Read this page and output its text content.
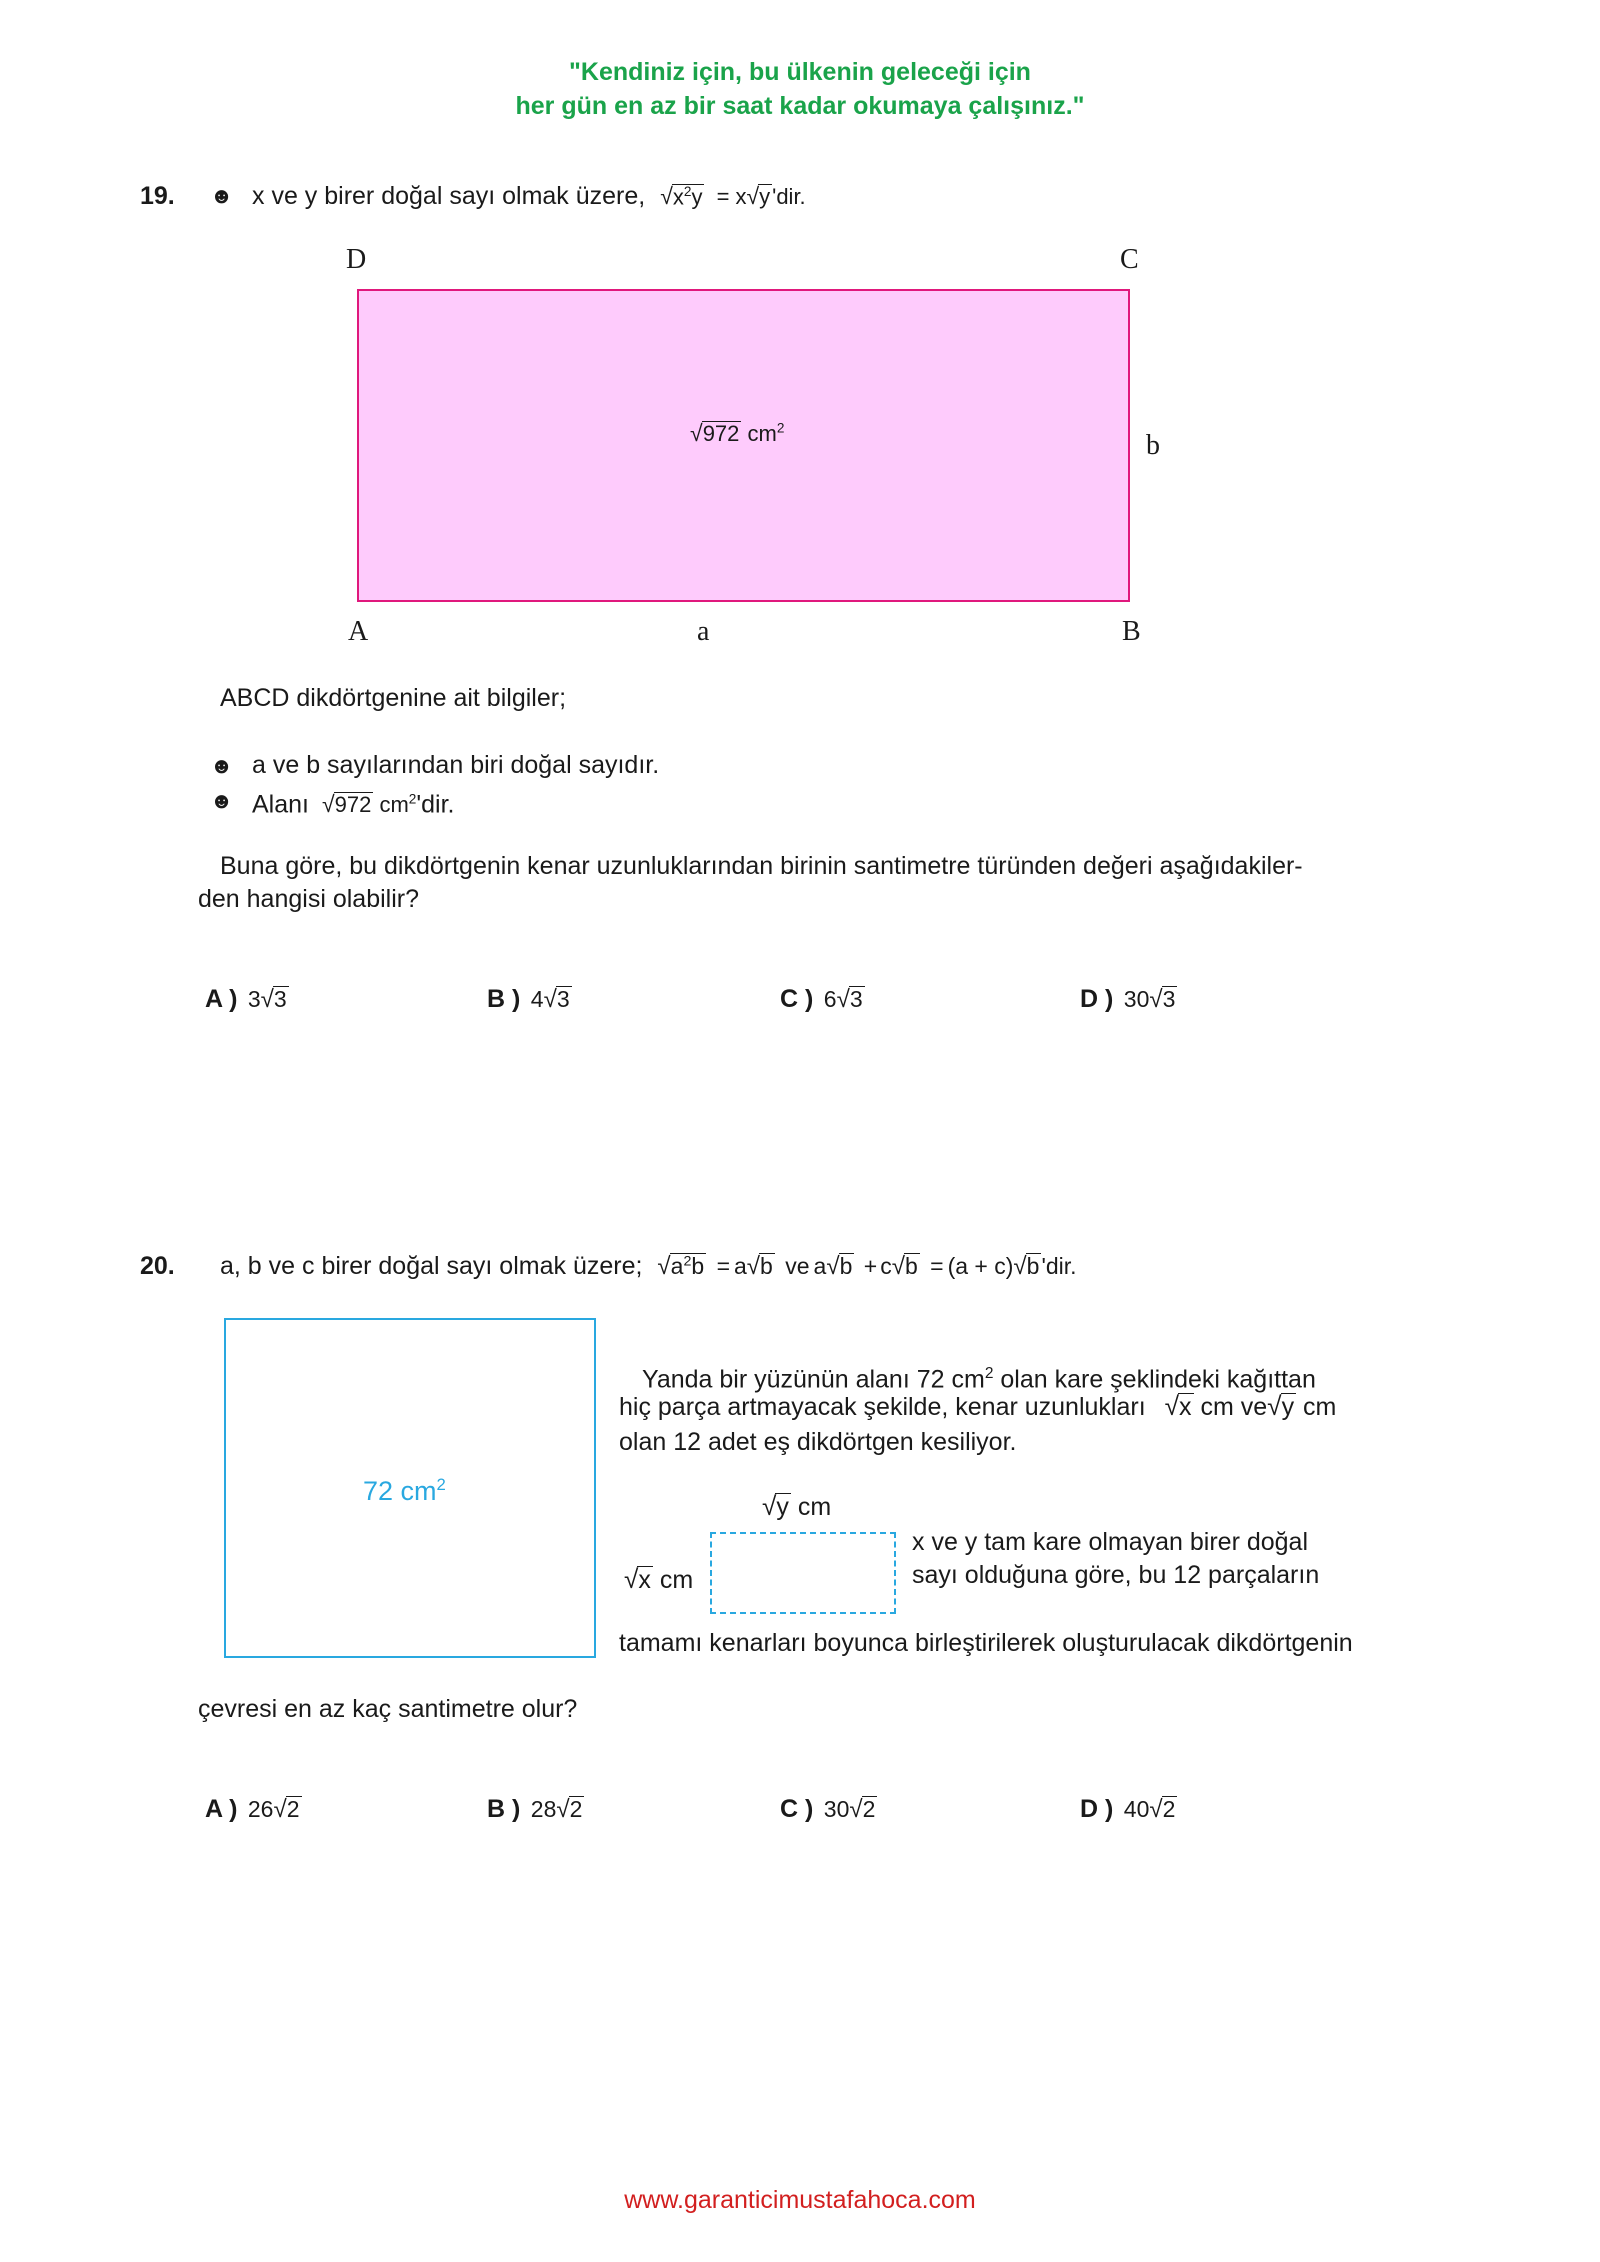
"Kendiniz için, bu ülkenin geleceği için
her gün en az bir saat kadar okumaya çalışınız."
19. ☻ x ve y birer doğal sayı olmak üzere, $√x^2y = x√y'dir$.
D	C
√972 $cm^2$
b
A	a	B
ABCD dikdörtgenine ait bilgiler;
☻ a ve b sayılarından biri doğal sayıdır.
☻ Alanı √972 $cm^2'dir$.
Buna göre, bu dikdörtgenin kenar uzunluklarından birinin santimetre türünden değeri aşağıdakiler-
den hangisi olabilir?
A ) 3√3	B ) 4√3	C ) 6√3	D ) 30√3
20. a, b ve c birer doğal sayı olmak üzere; $√a^2b = a√b$ ve a√b + c√b = (a + c)√b'dir.
72 $cm^2$
Yanda bir yüzünün alanı 72 $cm^2$ olan kare şeklindeki kağıttan
hiç parça artmayacak şekilde, kenar uzunlukları √x cm ve√y cm
olan 12 adet eş dikdörtgen kesiliyor.
√y cm
√x cm
x ve y tam kare olmayan birer doğal
sayı olduğuna göre, bu 12 parçaların
tamamı kenarları boyunca birleştirilerek oluşturulacak dikdörtgenin
çevresi en az kaç santimetre olur?
A ) 26√2	B ) 28√2	C ) 30√2	D ) 40√2
www.garanticimustafahoca.com
